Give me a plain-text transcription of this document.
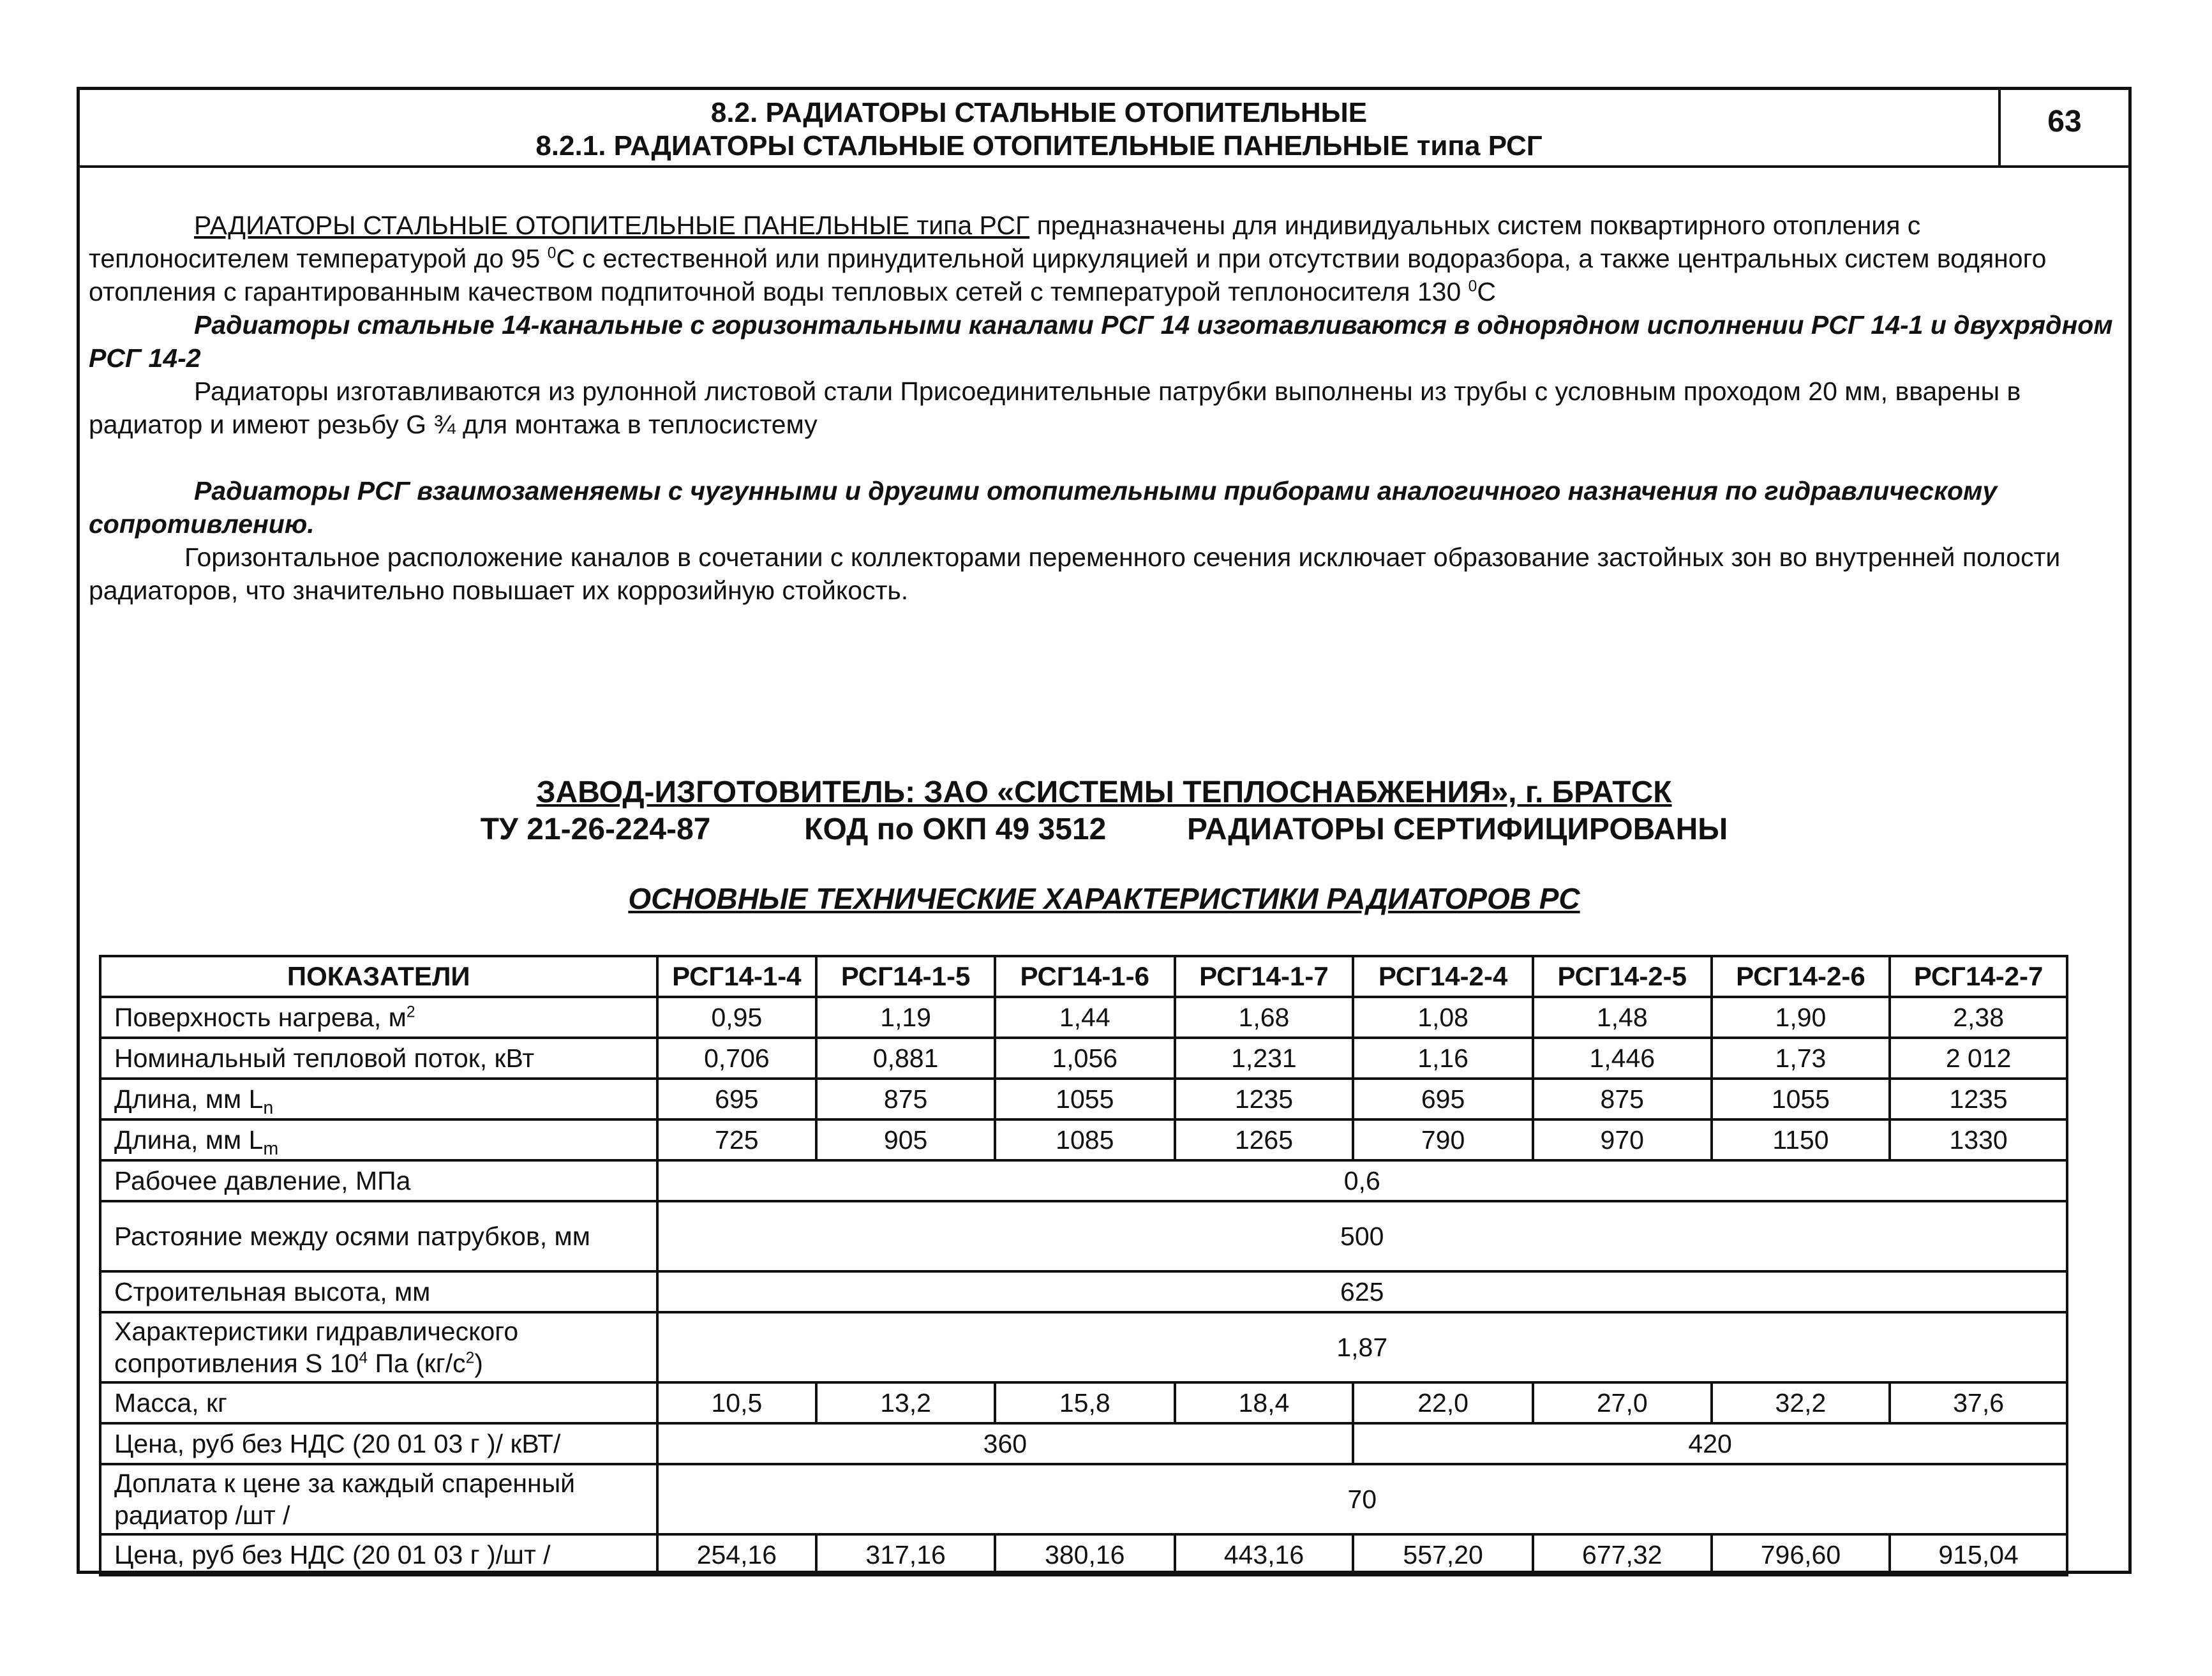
8.2. РАДИАТОРЫ СТАЛЬНЫЕ ОТОПИТЕЛЬНЫЕ
8.2.1. РАДИАТОРЫ СТАЛЬНЫЕ ОТОПИТЕЛЬНЫЕ ПАНЕЛЬНЫЕ типа РСГ
63

РАДИАТОРЫ СТАЛЬНЫЕ ОТОПИТЕЛЬНЫЕ ПАНЕЛЬНЫЕ типа РСГ предназначены для индивидуальных систем поквартирного отопления с теплоносителем температурой до 95 $^0$С с естественной или принудительной циркуляцией и при отсутствии водоразбора, а также центральных систем водяного отопления с гарантированным качеством подпиточной воды тепловых сетей с температурой теплоносителя 130 $^0$С

Радиаторы стальные 14-канальные с горизонтальными каналами РСГ 14 изготавливаются в однорядном исполнении РСГ 14-1 и двухрядном РСГ 14-2

Радиаторы изготавливаются из рулонной листовой стали Присоединительные патрубки выполнены из трубы с условным проходом 20 мм, вварены в радиатор и имеют резьбу G ¾ для монтажа в теплосистему

Радиаторы РСГ взаимозаменяемы с чугунными и другими отопительными приборами аналогичного назначения по гидравлическому сопротивлению.

Горизонтальное расположение каналов в сочетании с коллекторами переменного сечения исключает образование застойных зон во внутренней полости радиаторов, что значительно повышает их коррозийную стойкость.

ЗАВОД-ИЗГОТОВИТЕЛЬ: ЗАО «СИСТЕМЫ ТЕПЛОСНАБЖЕНИЯ», г. БРАТСК
ТУ 21-26-224-87	КОД по ОКП 49 3512	РАДИАТОРЫ СЕРТИФИЦИРОВАНЫ
ОСНОВНЫЕ ТЕХНИЧЕСКИЕ ХАРАКТЕРИСТИКИ РАДИАТОРОВ РС
ПОКАЗАТЕЛИ	РСГ14-1-4	РСГ14-1-5	РСГ14-1-6	РСГ14-1-7	РСГ14-2-4	РСГ14-2-5	РСГ14-2-6	РСГ14-2-7
Поверхность нагрева, $м^2$	0,95	1,19	1,44	1,68	1,08	1,48	1,90	2,38
Номинальный тепловой поток, кВт	0,706	0,881	1,056	1,231	1,16	1,446	1,73	2 012
Длина, мм $L_n$	695	875	1055	1235	695	875	1055	1235
Длина, мм $L_m$	725	905	1085	1265	790	970	1150	1330
Рабочее давление, МПа	0,6							
Растояние между осями патрубков, мм	500							
Строительная высота, мм	625							
Характеристики гидравлического сопротивления S $10^4$ Па $(кг/с^2)$	1,87							
Масса, кг	10,5	13,2	15,8	18,4	22,0	27,0	32,2	37,6
Цена, руб без НДС (20 01 03 г )/ кВТ/	360				420			
Доплата к цене за каждый спаренный радиатор /шт /	70							
Цена, руб без НДС (20 01 03 г )/шт /	254,16	317,16	380,16	443,16	557,20	677,32	796,60	915,04
